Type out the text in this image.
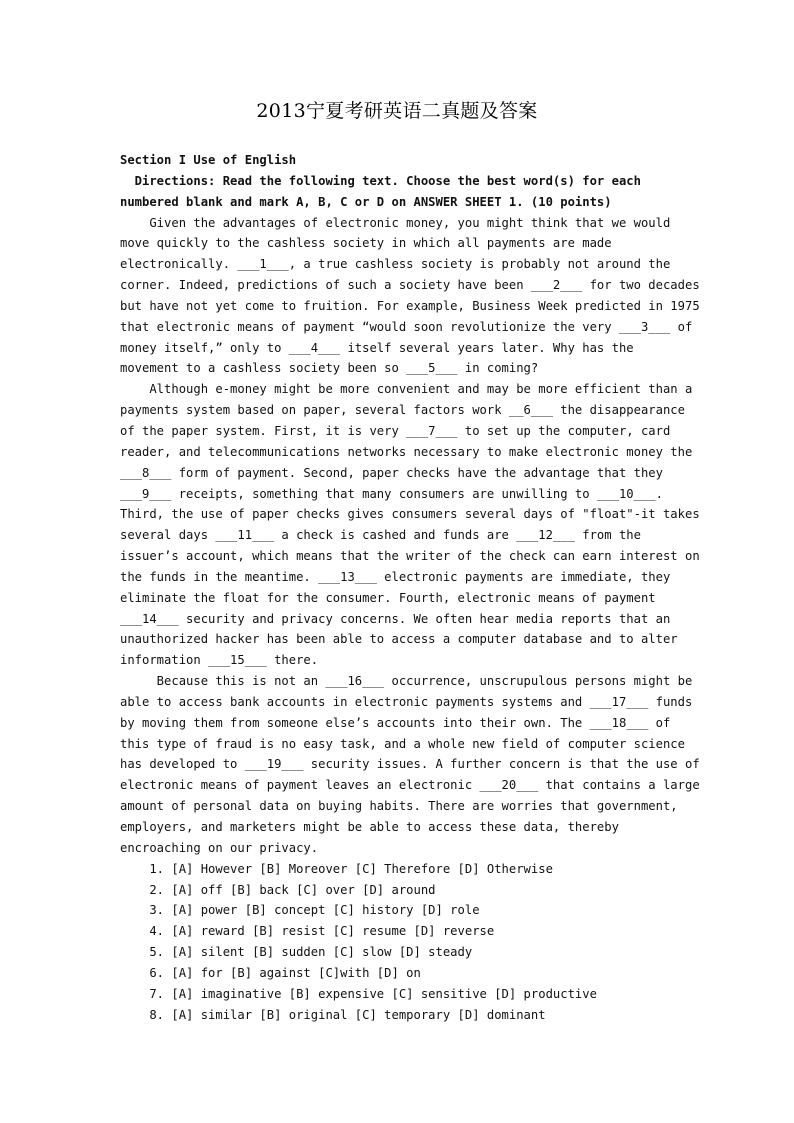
2013宁夏考研英语二真题及答案
Section I Use of English
Directions: Read the following text. Choose the best word(s) for each
numbered blank and mark A, B, C or D on ANSWER SHEET 1. (10 points)
Given the advantages of electronic money, you might think that we would
move quickly to the cashless society in which all payments are made
electronically. ___1___, a true cashless society is probably not around the
corner. Indeed, predictions of such a society have been ___2___ for two decades
but have not yet come to fruition. For example, Business Week predicted in 1975
that electronic means of payment “would soon revolutionize the very ___3___ of
money itself,” only to ___4___ itself several years later. Why has the
movement to a cashless society been so ___5___ in coming?
Although e-money might be more convenient and may be more efficient than a
payments system based on paper, several factors work __6___ the disappearance
of the paper system. First, it is very ___7___ to set up the computer, card
reader, and telecommunications networks necessary to make electronic money the
___8___ form of payment. Second, paper checks have the advantage that they
___9___ receipts, something that many consumers are unwilling to ___10___.
Third, the use of paper checks gives consumers several days of "float"-it takes
several days ___11___ a check is cashed and funds are ___12___ from the
issuer’s account, which means that the writer of the check can earn interest on
the funds in the meantime. ___13___ electronic payments are immediate, they
eliminate the float for the consumer. Fourth, electronic means of payment
___14___ security and privacy concerns. We often hear media reports that an
unauthorized hacker has been able to access a computer database and to alter
information ___15___ there.
Because this is not an ___16___ occurrence, unscrupulous persons might be
able to access bank accounts in electronic payments systems and ___17___ funds
by moving them from someone else’s accounts into their own. The ___18___ of
this type of fraud is no easy task, and a whole new field of computer science
has developed to ___19___ security issues. A further concern is that the use of
electronic means of payment leaves an electronic ___20___ that contains a large
amount of personal data on buying habits. There are worries that government,
employers, and marketers might be able to access these data, thereby
encroaching on our privacy.
1. [A] However [B] Moreover [C] Therefore [D] Otherwise
2. [A] off [B] back [C] over [D] around
3. [A] power [B] concept [C] history [D] role
4. [A] reward [B] resist [C] resume [D] reverse
5. [A] silent [B] sudden [C] slow [D] steady
6. [A] for [B] against [C]with [D] on
7. [A] imaginative [B] expensive [C] sensitive [D] productive
8. [A] similar [B] original [C] temporary [D] dominant
